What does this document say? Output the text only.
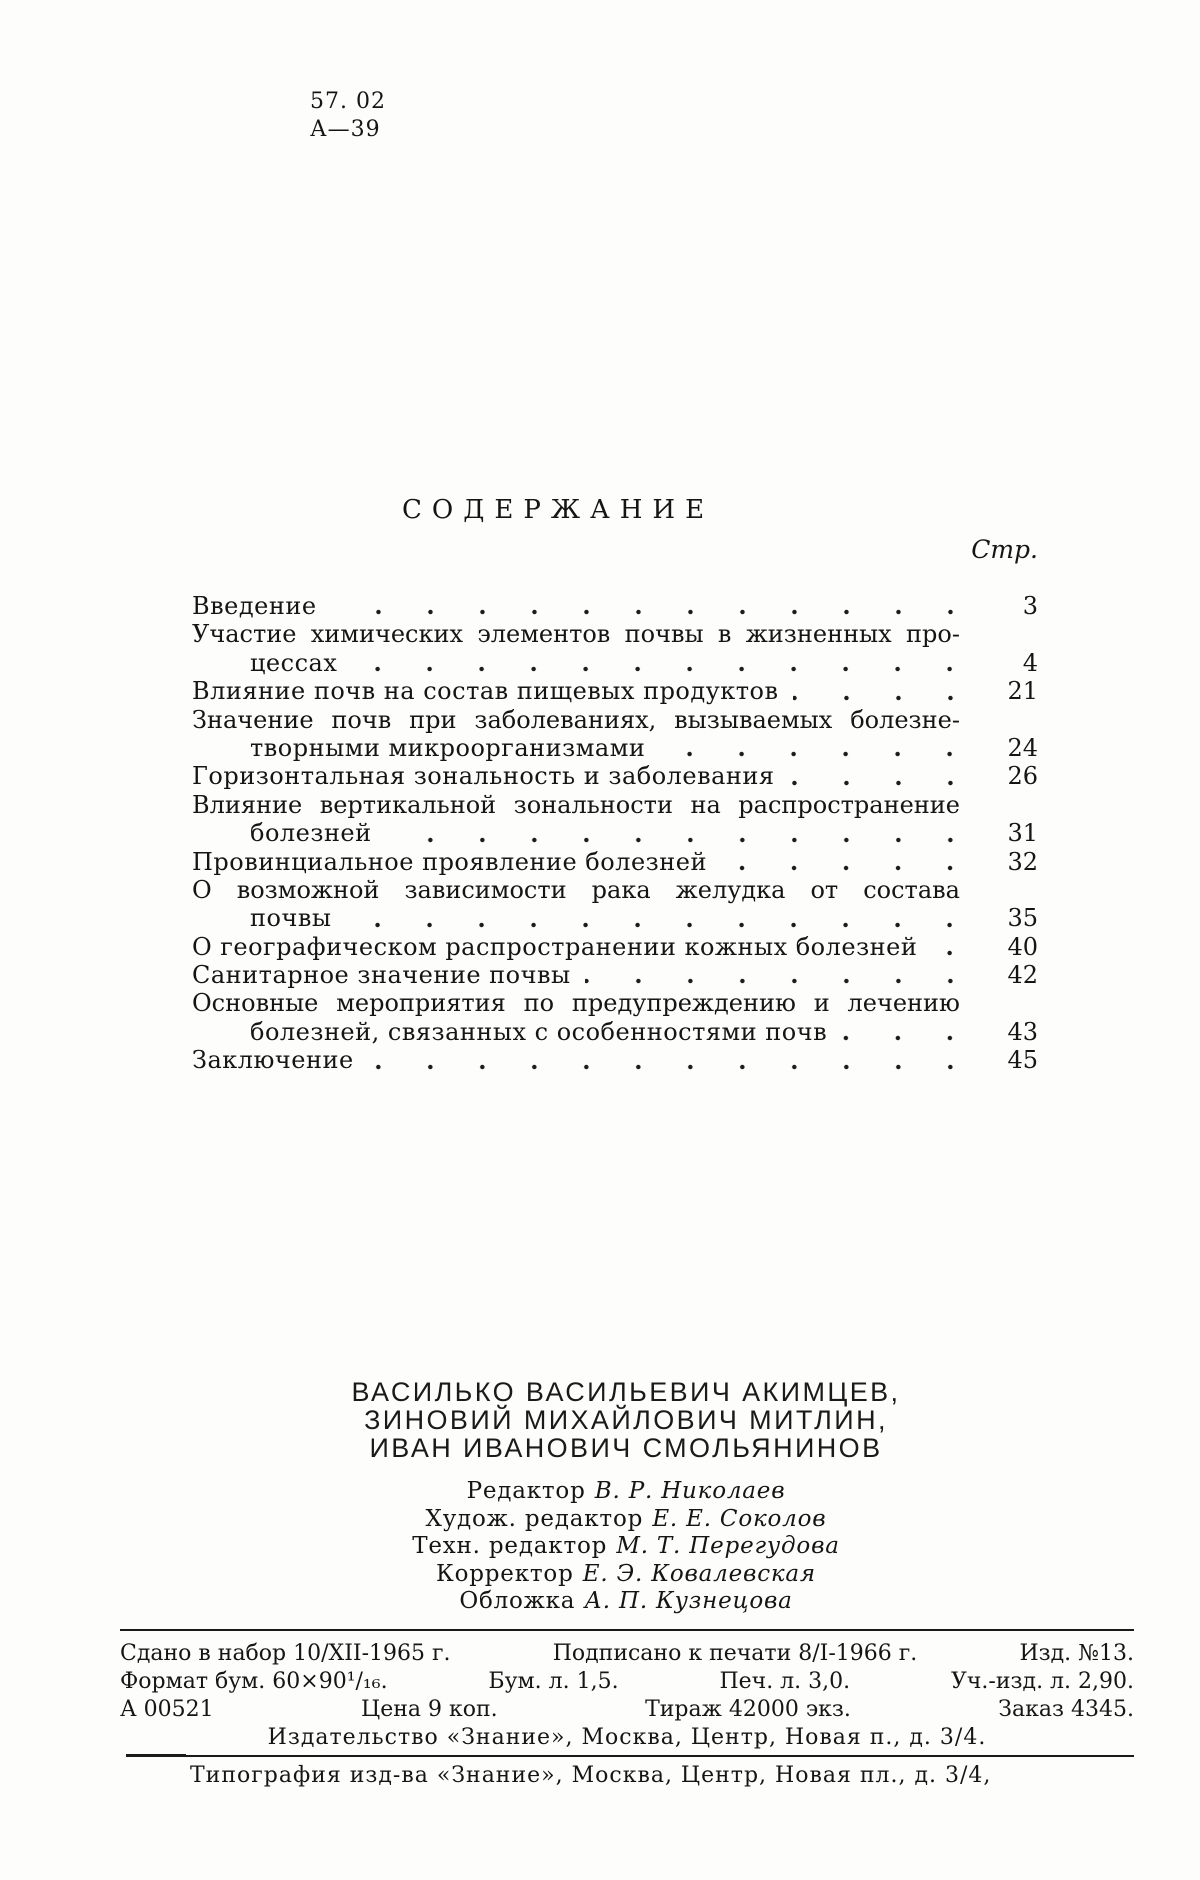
57. 02
А—39
СОДЕРЖАНИЕ
Стр.
Введение	3
Участие химических элементов почвы в жизненных про-
цессах	4
Влияние почв на состав пищевых продуктов	21
Значение почв при заболеваниях, вызываемых болезне-
творными микроорганизмами	24
Горизонтальная зональность и заболевания	26
Влияние вертикальной зональности на распространение
болезней	31
Провинциальное проявление болезней	32
О возможной зависимости рака желудка от состава
почвы	35
О географическом распространении кожных болезней	40
Санитарное значение почвы	42
Основные мероприятия по предупреждению и лечению
болезней, связанных с особенностями почв	43
Заключение	45
ВАСИЛЬКО ВАСИЛЬЕВИЧ АКИМЦЕВ,
ЗИНОВИЙ МИХАЙЛОВИЧ МИТЛИН,
ИВАН ИВАНОВИЧ СМОЛЬЯНИНОВ
Редактор В. Р. Николаев
Худож. редактор Е. Е. Соколов
Техн. редактор М. Т. Перегудова
Корректор Е. Э. Ковалевская
Обложка А. П. Кузнецова
Сдано в набор 10/XII-1965 г.	Подписано к печати 8/I-1966 г.	Изд. №13.
Формат бум. 60×90¹/₁₆.	Бум. л. 1,5.	Печ. л. 3,0.	Уч.-изд. л. 2,90.
А 00521	Цена 9 коп.	Тираж 42000 экз.	Заказ 4345.
Издательство «Знание», Москва, Центр, Новая п., д. 3/4.
Типография изд-ва «Знание», Москва, Центр, Новая пл., д. 3/4,
